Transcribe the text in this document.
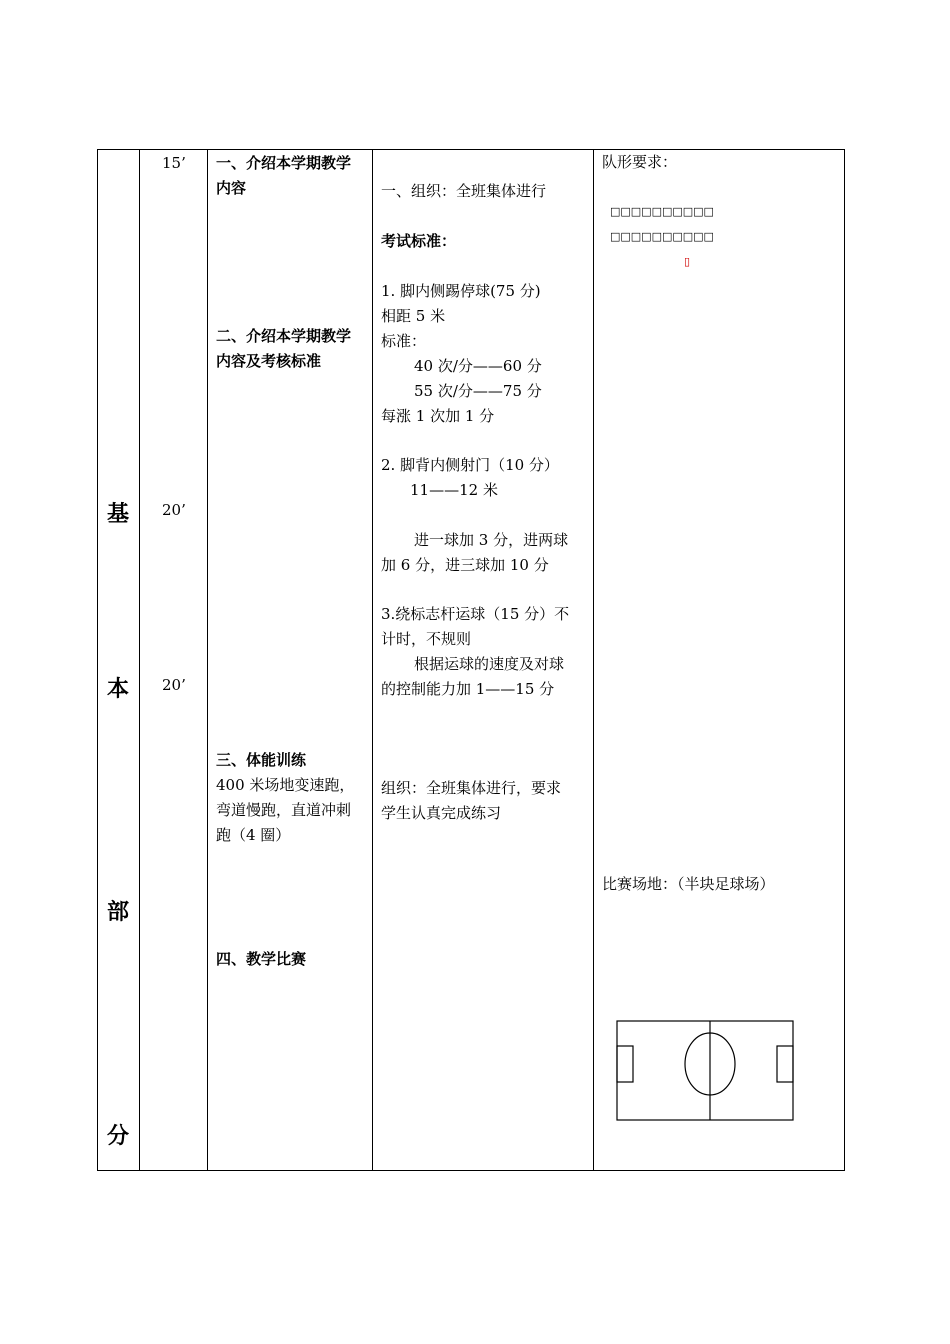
基
本
部
分
15’
20’
20’
一、介绍本学期教学
内容
二、介绍本学期教学
内容及考核标准
三、体能训练
400 米场地变速跑，
弯道慢跑，直道冲刺
跑（4 圈）
四、教学比赛
一、组织：全班集体进行
考试标准：
1. 脚内侧踢停球(75 分)
相距 5 米
标准：
40 次/分——60 分
55 次/分——75 分
每涨 1 次加 1 分
2. 脚背内侧射门（10 分）
11——12 米
进一球加 3 分，进两球
加 6 分，进三球加 10 分
3.绕标志杆运球（15 分）不
计时，不规则
根据运球的速度及对球
的控制能力加 1——15 分
组织：全班集体进行，要求
学生认真完成练习
队形要求：
□□□□□□□□□□
□□□□□□□□□□
▯
比赛场地：（半块足球场）
